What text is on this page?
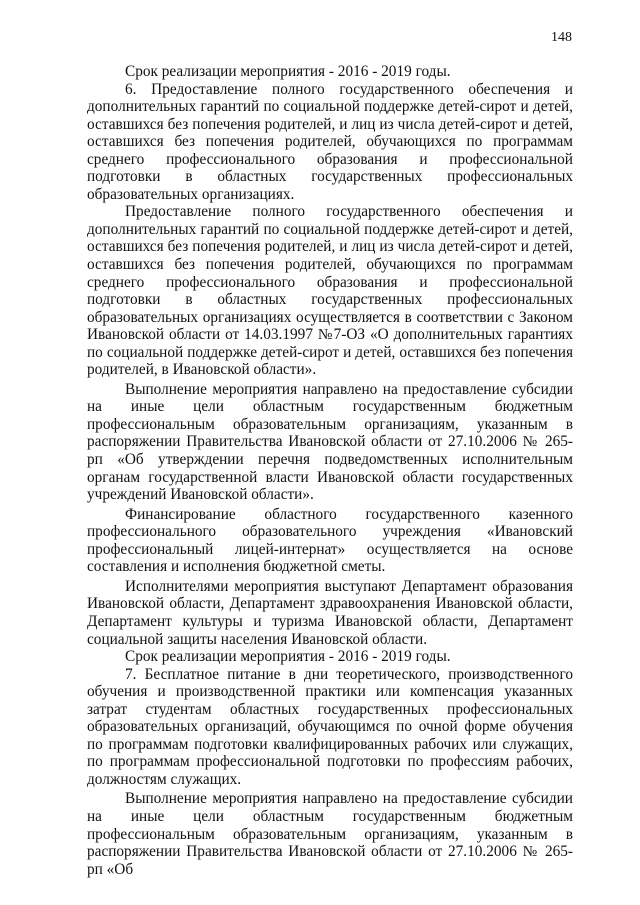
148

Срок реализации мероприятия - 2016 - 2019 годы.

6. Предоставление полного государственного обеспечения и дополнительных гарантий по социальной поддержке детей-сирот и детей, оставшихся без попечения родителей, и лиц из числа детей-сирот и детей, оставшихся без попечения родителей, обучающихся по программам среднего профессионального образования и профессиональной подготовки в областных государственных профессиональных образовательных организациях.

Предоставление полного государственного обеспечения и дополнительных гарантий по социальной поддержке детей-сирот и детей, оставшихся без попечения родителей, и лиц из числа детей-сирот и детей, оставшихся без попечения родителей, обучающихся по программам среднего профессионального образования и профессиональной подготовки в областных государственных профессиональных образовательных организациях осуществляется в соответствии с Законом Ивановской области от 14.03.1997 №7-ОЗ «О дополнительных гарантиях по социальной поддержке детей-сирот и детей, оставшихся без попечения родителей, в Ивановской области».

Выполнение мероприятия направлено на предоставление субсидии на иные цели областным государственным бюджетным профессиональным образовательным организациям, указанным в распоряжении Правительства Ивановской области от 27.10.2006 № 265-рп «Об утверждении перечня подведомственных исполнительным органам государственной власти Ивановской области государственных учреждений Ивановской области».

Финансирование областного государственного казенного профессионального образовательного учреждения «Ивановский профессиональный лицей-интернат» осуществляется на основе составления и исполнения бюджетной сметы.

Исполнителями мероприятия выступают Департамент образования Ивановской области, Департамент здравоохранения Ивановской области, Департамент культуры и туризма Ивановской области, Департамент социальной защиты населения Ивановской области.

Срок реализации мероприятия - 2016 - 2019 годы.

7. Бесплатное питание в дни теоретического, производственного обучения и производственной практики или компенсация указанных затрат студентам областных государственных профессиональных образовательных организаций, обучающимся по очной форме обучения по программам подготовки квалифицированных рабочих или служащих, по программам профессиональной подготовки по профессиям рабочих, должностям служащих.

Выполнение мероприятия направлено на предоставление субсидии на иные цели областным государственным бюджетным профессиональным образовательным организациям, указанным в распоряжении Правительства Ивановской области от 27.10.2006 № 265-рп «Об
